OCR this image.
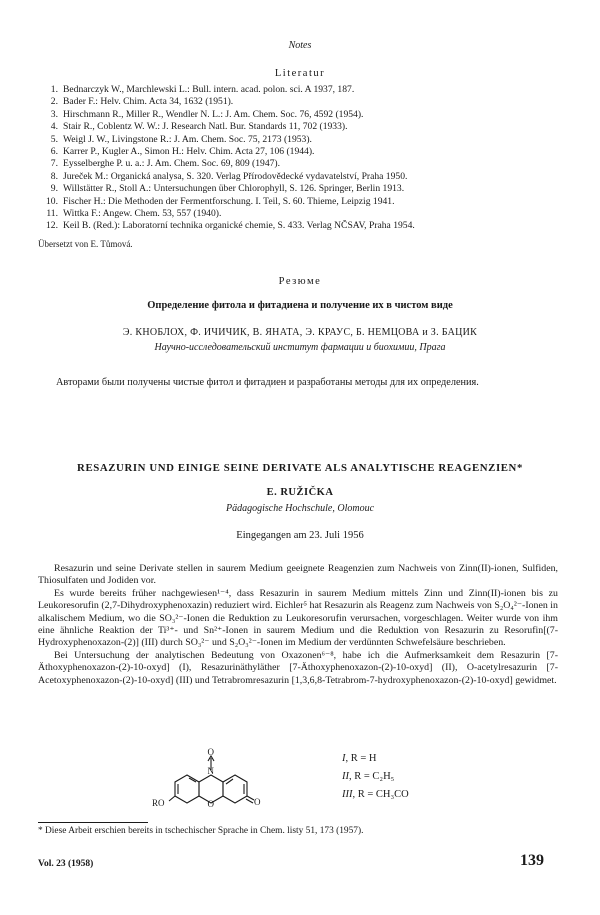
Notes
Literatur
1. Bednarczyk W., Marchlewski L.: Bull. intern. acad. polon. sci. A 1937, 187.
2. Bader F.: Helv. Chim. Acta 34, 1632 (1951).
3. Hirschmann R., Miller R., Wendler N. L.: J. Am. Chem. Soc. 76, 4592 (1954).
4. Stair R., Coblentz W. W.: J. Research Natl. Bur. Standards 11, 702 (1933).
5. Weigl J. W., Livingstone R.: J. Am. Chem. Soc. 75, 2173 (1953).
6. Karrer P., Kugler A., Simon H.: Helv. Chim. Acta 27, 106 (1944).
7. Eysselberghe P. u. a.: J. Am. Chem. Soc. 69, 809 (1947).
8. Jureček M.: Organická analysa, S. 320. Verlag Přírodovědecké vydavatelství, Praha 1950.
9. Willstätter R., Stoll A.: Untersuchungen über Chlorophyll, S. 126. Springer, Berlin 1913.
10. Fischer H.: Die Methoden der Fermentforschung. I. Teil, S. 60. Thieme, Leipzig 1941.
11. Wittka F.: Angew. Chem. 53, 557 (1940).
12. Keil B. (Red.): Laboratorní technika organické chemie, S. 433. Verlag NČSAV, Praha 1954.
Übersetzt von E. Tůmová.
Резюме
Определение фитола и фитадиена и получение их в чистом виде
Э. КНОБЛОХ, Ф. ИЧИЧИК, В. ЯНАТА, Э. КРАУС, Б. НЕМЦОВА и З. БАЦИК
Научно-исследовательский институт фармации и биохимии, Прага

Авторами были получены чистые фитол и фитадиен и разработаны методы для их определения.

RESAZURIN UND EINIGE SEINE DERIVATE ALS ANALYTISCHE REAGENZIEN*
E. RUŽIČKA
Pädagogische Hochschule, Olomouc
Eingegangen am 23. Juli 1956

Resazurin und seine Derivate stellen in saurem Medium geeignete Reagenzien zum Nachweis von Zinn(II)-ionen, Sulfiden, Thiosulfaten und Jodiden vor.

Es wurde bereits früher nachgewiesen¹⁻⁴, dass Resazurin in saurem Medium mittels Zinn und Zinn(II)-ionen bis zu Leukoresorufin (2,7-Dihydroxyphenoxazin) reduziert wird. Eichler⁵ hat Resazurin als Reagenz zum Nachweis von S₂O₄²⁻-Ionen in alkalischem Medium, wo die SO₃²⁻-Ionen die Reduktion zu Leukoresorufin verursachen, vorgeschlagen. Weiter wurde von ihm eine ähnliche Reaktion der Ti³⁺- und Sn²⁺-Ionen in saurem Medium und die Reduktion von Resazurin zu Resorufin[(7-Hydroxyphenoxazon-(2)] (III) durch SO₃²⁻ und S₂O₃²⁻-Ionen im Medium der verdünnten Schwefelsäure beschrieben.

Bei Untersuchung der analytischen Bedeutung von Oxazonen⁶⁻⁸, habe ich die Aufmerksamkeit dem Resazurin [7-Äthoxyphenoxazon-(2)-10-oxyd] (I), Resazurinäthyläther [7-Äthoxyphenoxazon-(2)-10-oxyd] (II), O-acetylresazurin [7-Acetoxyphenoxazon-(2)-10-oxyd] (III) und Tetrabromresazurin [1,3,6,8-Tetrabrom-7-hydroxyphenoxazon-(2)-10-oxyd] gewidmet.

N
O
O	O
RO
I, R = H
II, R = C₂H₅
III, R = CH₃CO
* Diese Arbeit erschien bereits in tschechischer Sprache in Chem. listy 51, 173 (1957).
Vol. 23 (1958)	139
